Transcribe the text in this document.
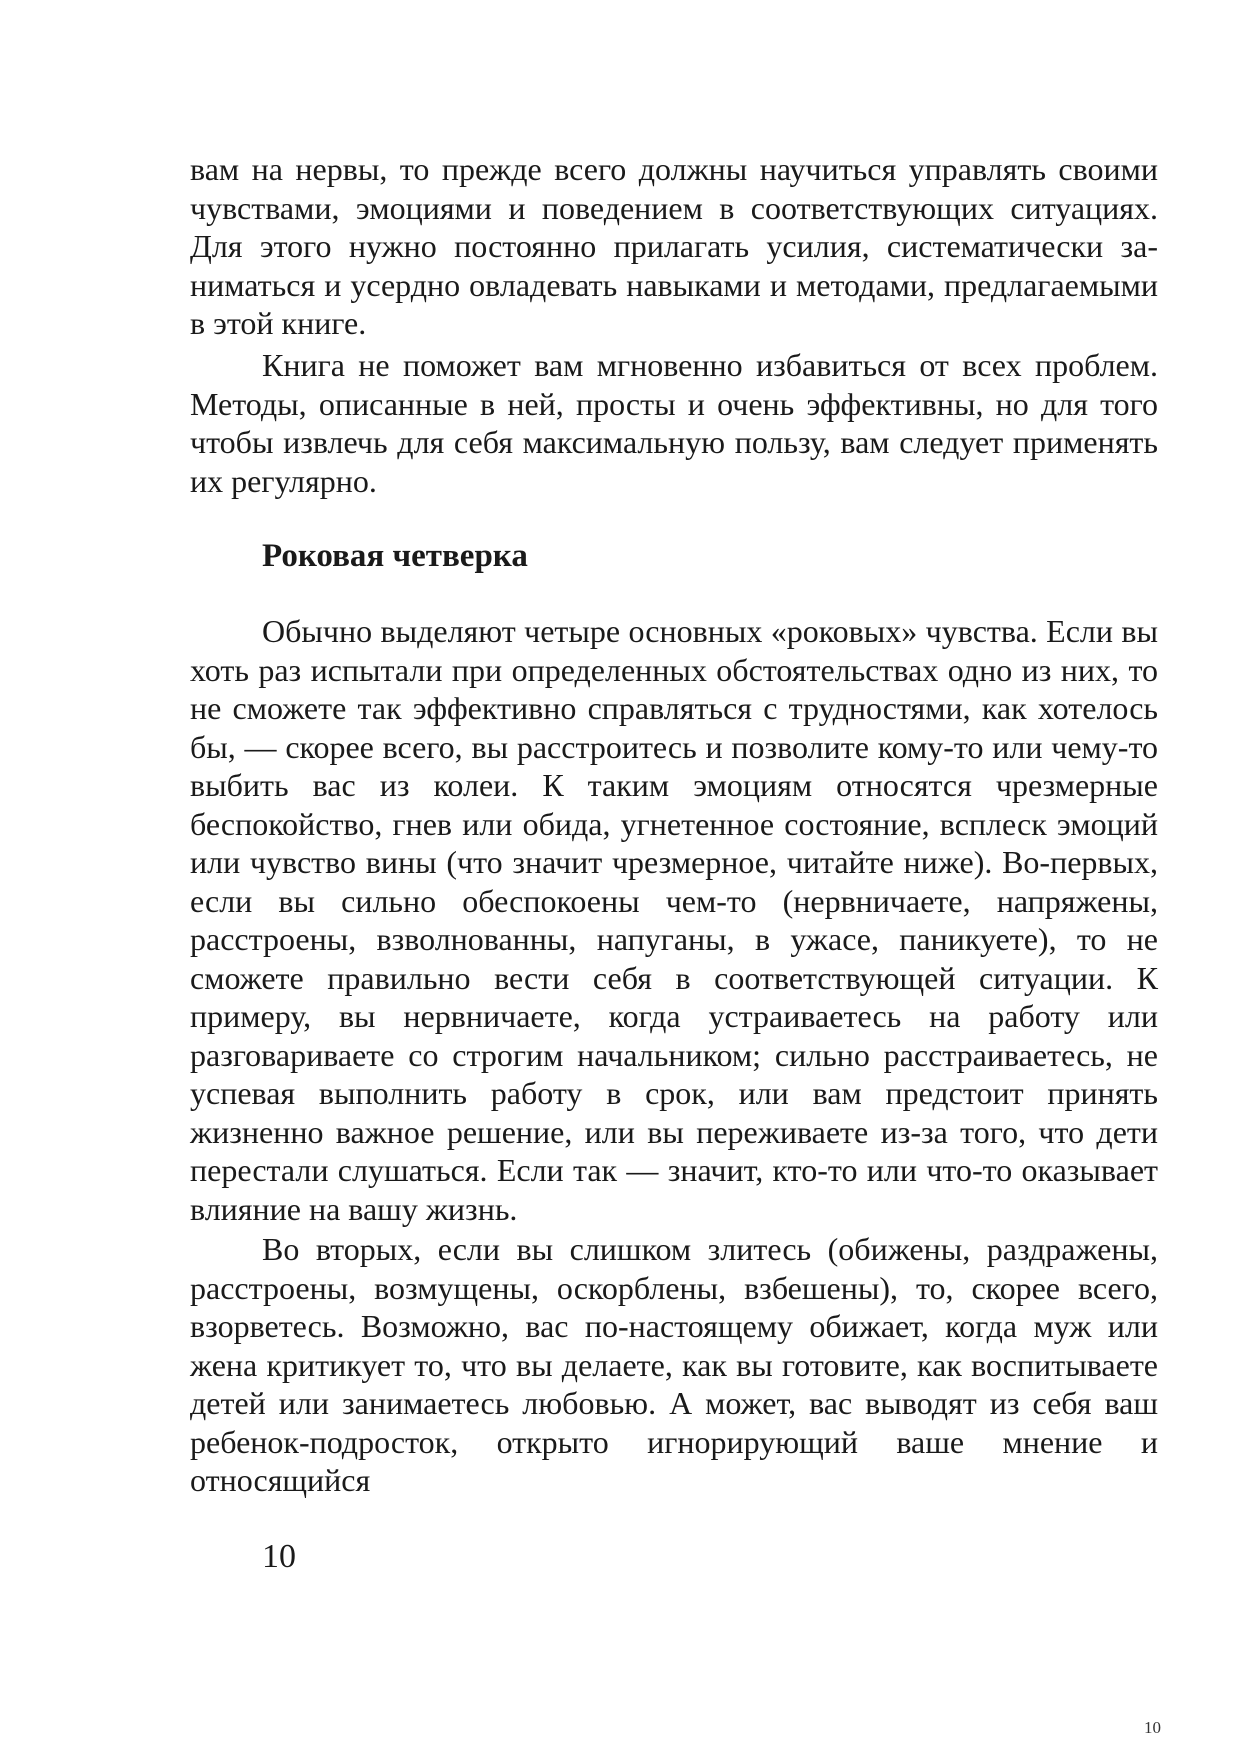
вам на нервы, то прежде всего должны научиться управлять своими чувствами, эмоциями и поведением в соответствующих ситуациях. Для этого нужно постоянно прилагать усилия, систематически заниматься и усердно овладевать навыками и методами, предлагаемыми в этой книге.

Книга не поможет вам мгновенно избавиться от всех проблем. Методы, описанные в ней, просты и очень эффективны, но для того чтобы извлечь для себя максимальную пользу, вам следует применять их регулярно.

Роковая четверка

Обычно выделяют четыре основных «роковых» чувства. Если вы хоть раз испытали при определенных обстоятельствах одно из них, то не сможете так эффективно справляться с трудностями, как хотелось бы, — скорее всего, вы расстроитесь и позволите кому-то или чему-то выбить вас из колеи. К таким эмоциям относятся чрезмерные беспокойство, гнев или обида, угнетенное состояние, всплеск эмоций или чувство вины (что значит чрезмерное, читайте ниже). Во-первых, если вы сильно обеспокоены чем-то (нервничаете, напряжены, расстроены, взволнованны, напуганы, в ужасе, паникуете), то не сможете правильно вести себя в соответствующей ситуации. К примеру, вы нервничаете, когда устраиваетесь на работу или разговариваете со строгим начальником; сильно расстраиваетесь, не успевая выполнить работу в срок, или вам предстоит принять жизненно важное решение, или вы переживаете из-за того, что дети перестали слушаться. Если так — значит, кто-то или что-то оказывает влияние на вашу жизнь.

Во вторых, если вы слишком злитесь (обижены, раздражены, расстроены, возмущены, оскорблены, взбешены), то, скорее всего, взорветесь. Возможно, вас по-настоящему обижает, когда муж или жена критикует то, что вы делаете, как вы готовите, как воспитываете детей или занимаетесь любовью. А может, вас выводят из себя ваш ребенок-подросток, открыто игнорирующий ваше мнение и относящийся

10
10
